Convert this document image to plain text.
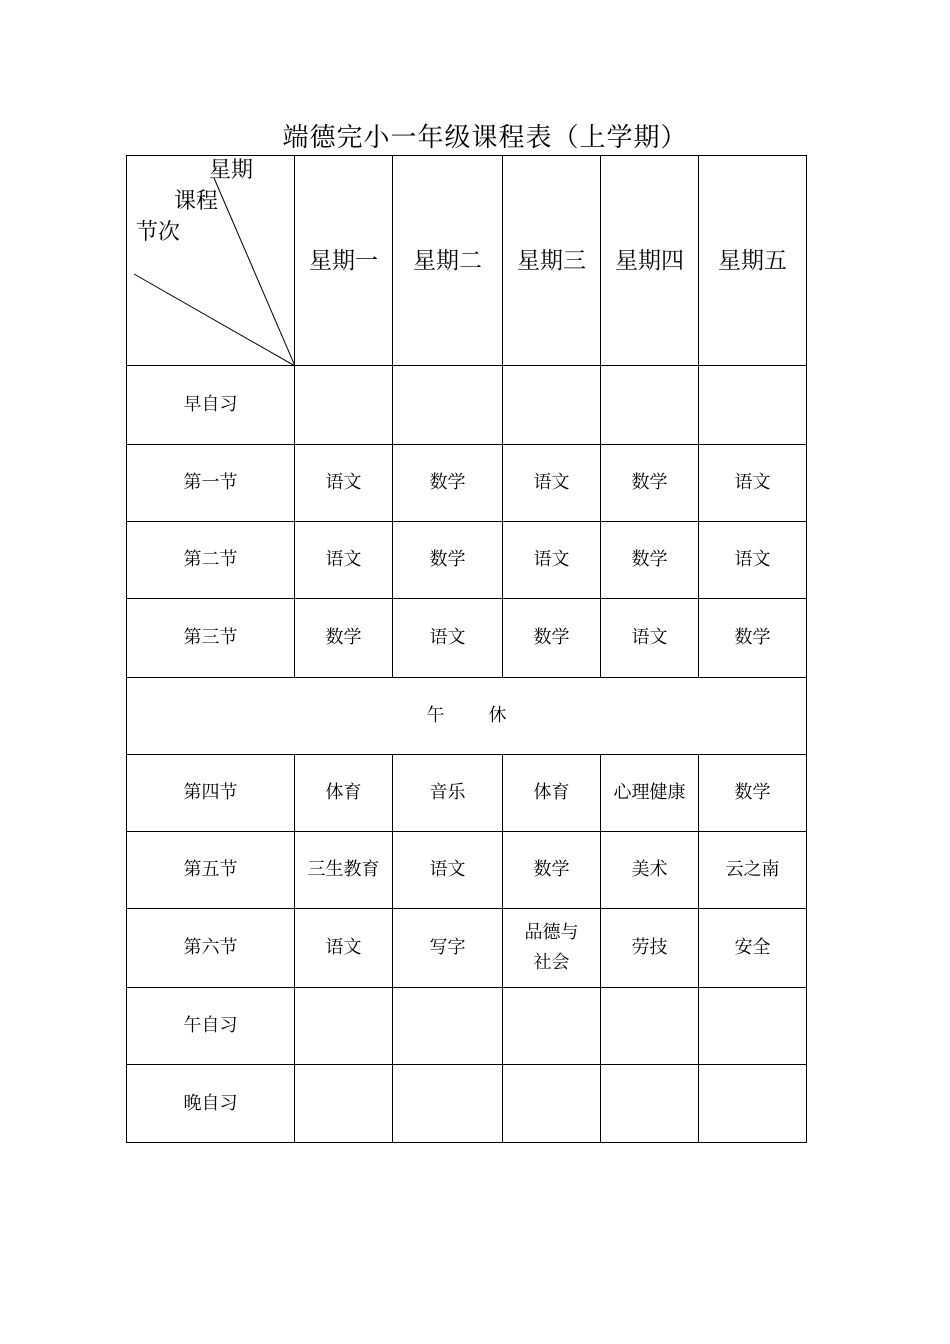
端德完小一年级课程表（上学期）
星期
课程
节次	星期一	星期二	星期三	星期四	星期五
早自习					
第一节	语文	数学	语文	数学	语文
第二节	语文	数学	语文	数学	语文
第三节	数学	语文	数学	语文	数学
午 休					
第四节	体育	音乐	体育	心理健康	数学
第五节	三生教育	语文	数学	美术	云之南
第六节	语文	写字	品德与社会	劳技	安全
午自习					
晚自习					
